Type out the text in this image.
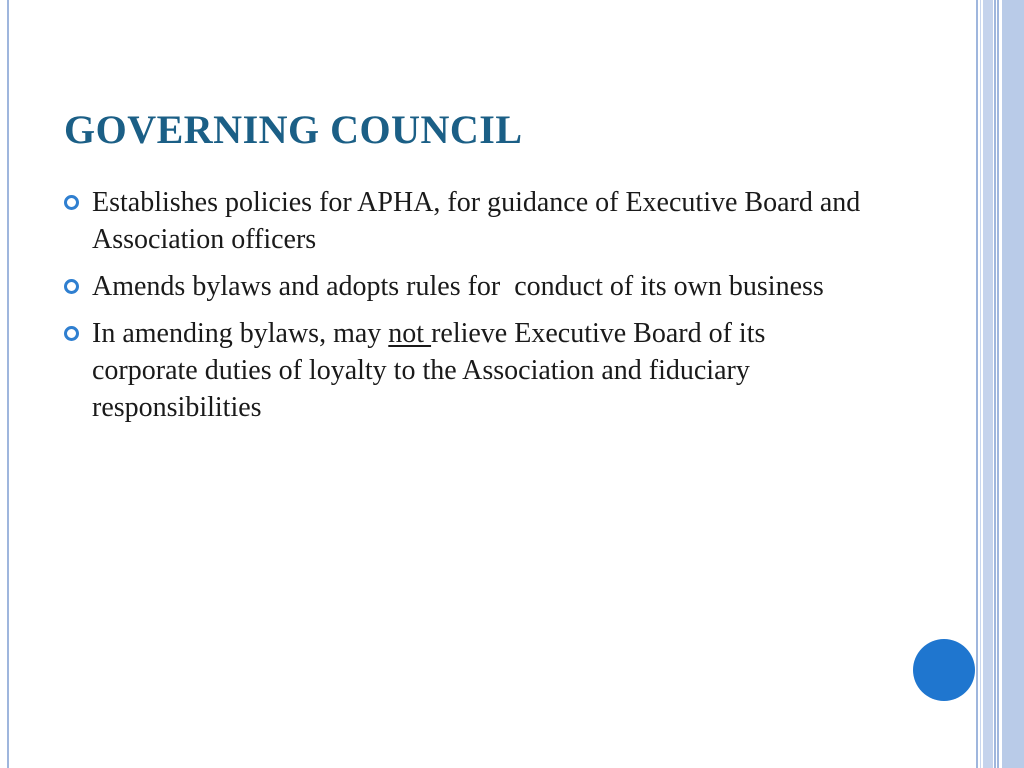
GOVERNING COUNCIL
Establishes policies for APHA, for guidance of Executive Board and Association officers
Amends bylaws and adopts rules for  conduct of its own business
In amending bylaws, may not relieve Executive Board of its corporate duties of loyalty to the Association and fiduciary responsibilities
